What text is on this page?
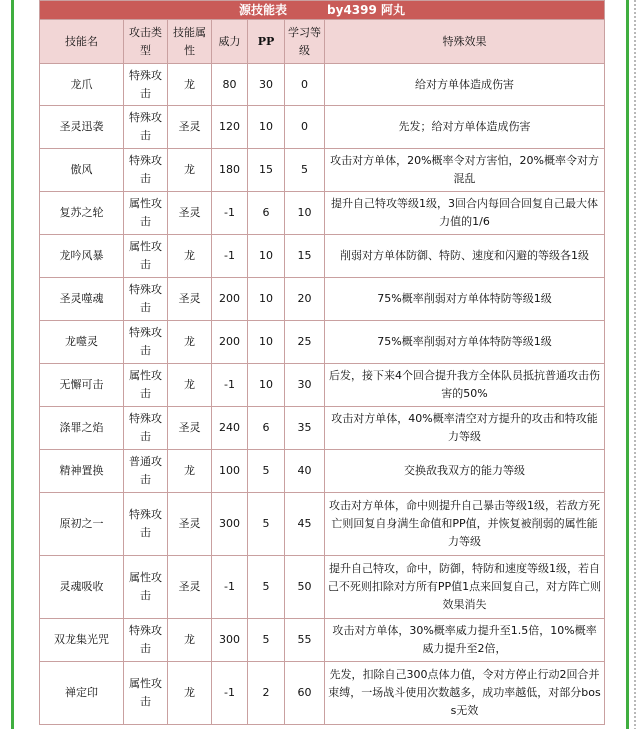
源技能表 by4399 阿丸						
技能名	攻击类型	技能属性	威力	PP	学习等级	特殊效果
龙爪	特殊攻击	龙	80	30	0	给对方单体造成伤害
圣灵迅袭	特殊攻击	圣灵	120	10	0	先发；给对方单体造成伤害
傲风	特殊攻击	龙	180	15	5	攻击对方单体，20%概率令对方害怕，20%概率令对方混乱
复苏之轮	属性攻击	圣灵	-1	6	10	提升自己特攻等级1级，3回合内每回合回复自己最大体力值的1/6
龙吟风暴	属性攻击	龙	-1	10	15	削弱对方单体防御、特防、速度和闪避的等级各1级
圣灵噬魂	特殊攻击	圣灵	200	10	20	75%概率削弱对方单体特防等级1级
龙噬灵	特殊攻击	龙	200	10	25	75%概率削弱对方单体特防等级1级
无懈可击	属性攻击	龙	-1	10	30	后发，接下来4个回合提升我方全体队员抵抗普通攻击伤害的50%
涤罪之焰	特殊攻击	圣灵	240	6	35	攻击对方单体，40%概率清空对方提升的攻击和特攻能力等级
精神置换	普通攻击	龙	100	5	40	交换敌我双方的能力等级
原初之一	特殊攻击	圣灵	300	5	45	攻击对方单体，命中则提升自己暴击等级1级，若敌方死亡则回复自身满生命值和PP值，并恢复被削弱的属性能力等级
灵魂吸收	属性攻击	圣灵	-1	5	50	提升自己特攻，命中，防御，特防和速度等级1级，若自己不死则扣除对方所有PP值1点来回复自己，对方阵亡则效果消失
双龙集光咒	特殊攻击	龙	300	5	55	攻击对方单体，30%概率威力提升至1.5倍，10%概率威力提升至2倍，
禅定印	属性攻击	龙	-1	2	60	先发，扣除自己300点体力值，令对方停止行动2回合并束缚，一场战斗使用次数越多，成功率越低，对部分boss无效
